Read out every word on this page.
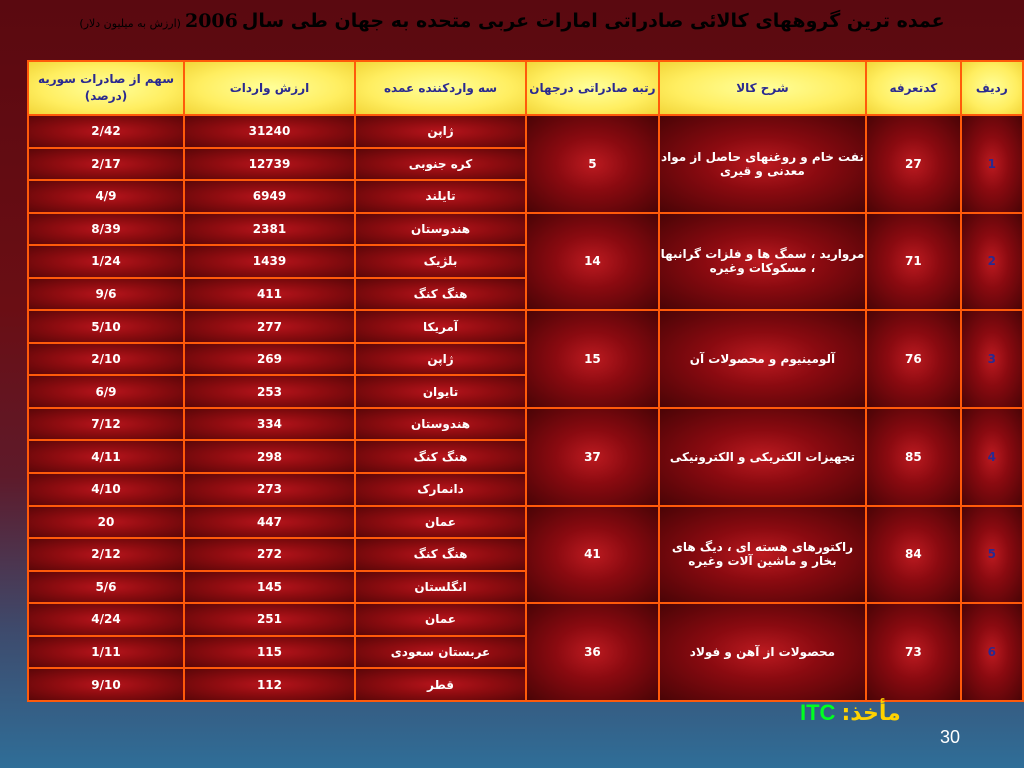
عمده ترین گروههای کالائی صادراتی امارات عربی متحده به جهان طی سال
2006
(ارزش به میلیون دلار)
ردیف	کدتعرفه	شرح کالا	رتبه صادراتی درجهان	سه واردکننده عمده	ارزش واردات	سهم از صادرات سوریه (درصد)
1	27	نفت خام و روغنهای حاصل از مواد معدنی و قیری	5	ژاپن	31240	2/42
				کره جنوبی	12739	2/17
				تایلند	6949	4/9
2	71	مروارید ، سمگ ها و فلزات گرانبها ، مسکوکات وغیره	14	هندوستان	2381	8/39
				بلژیک	1439	1/24
				هنگ کنگ	411	9/6
3	76	آلومینیوم و محصولات آن	15	آمریکا	277	5/10
				ژاپن	269	2/10
				تایوان	253	6/9
4	85	تجهیزات الکتریکی و الکترونیکی	37	هندوستان	334	7/12
				هنگ کنگ	298	4/11
				دانمارک	273	4/10
5	84	راکتورهای هسته ای ، دیگ های بخار و ماشین آلات وغیره	41	عمان	447	20
				هنگ کنگ	272	2/12
				انگلستان	145	5/6
6	73	محصولات از آهن و فولاد	36	عمان	251	4/24
				عربستان سعودی	115	1/11
				قطر	112	9/10
مأخذ:
ITC
30
